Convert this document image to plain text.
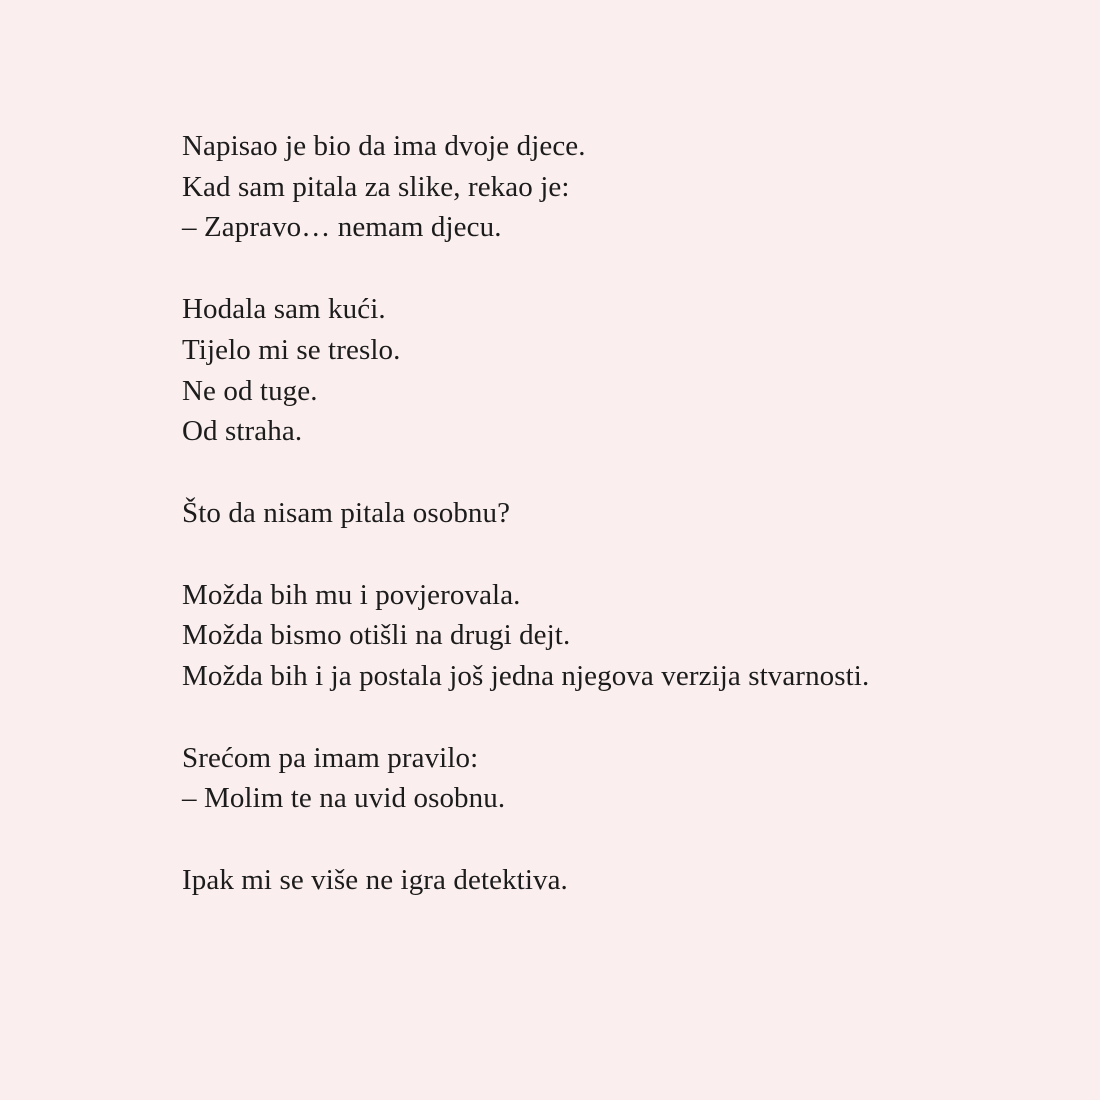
Napisao je bio da ima dvoje djece.
Kad sam pitala za slike, rekao je:
– Zapravo… nemam djecu.
Hodala sam kući.
Tijelo mi se treslo.
Ne od tuge.
Od straha.
Što da nisam pitala osobnu?
Možda bih mu i povjerovala.
Možda bismo otišli na drugi dejt.
Možda bih i ja postala još jedna njegova verzija stvarnosti.
Srećom pa imam pravilo:
– Molim te na uvid osobnu.
Ipak mi se više ne igra detektiva.
